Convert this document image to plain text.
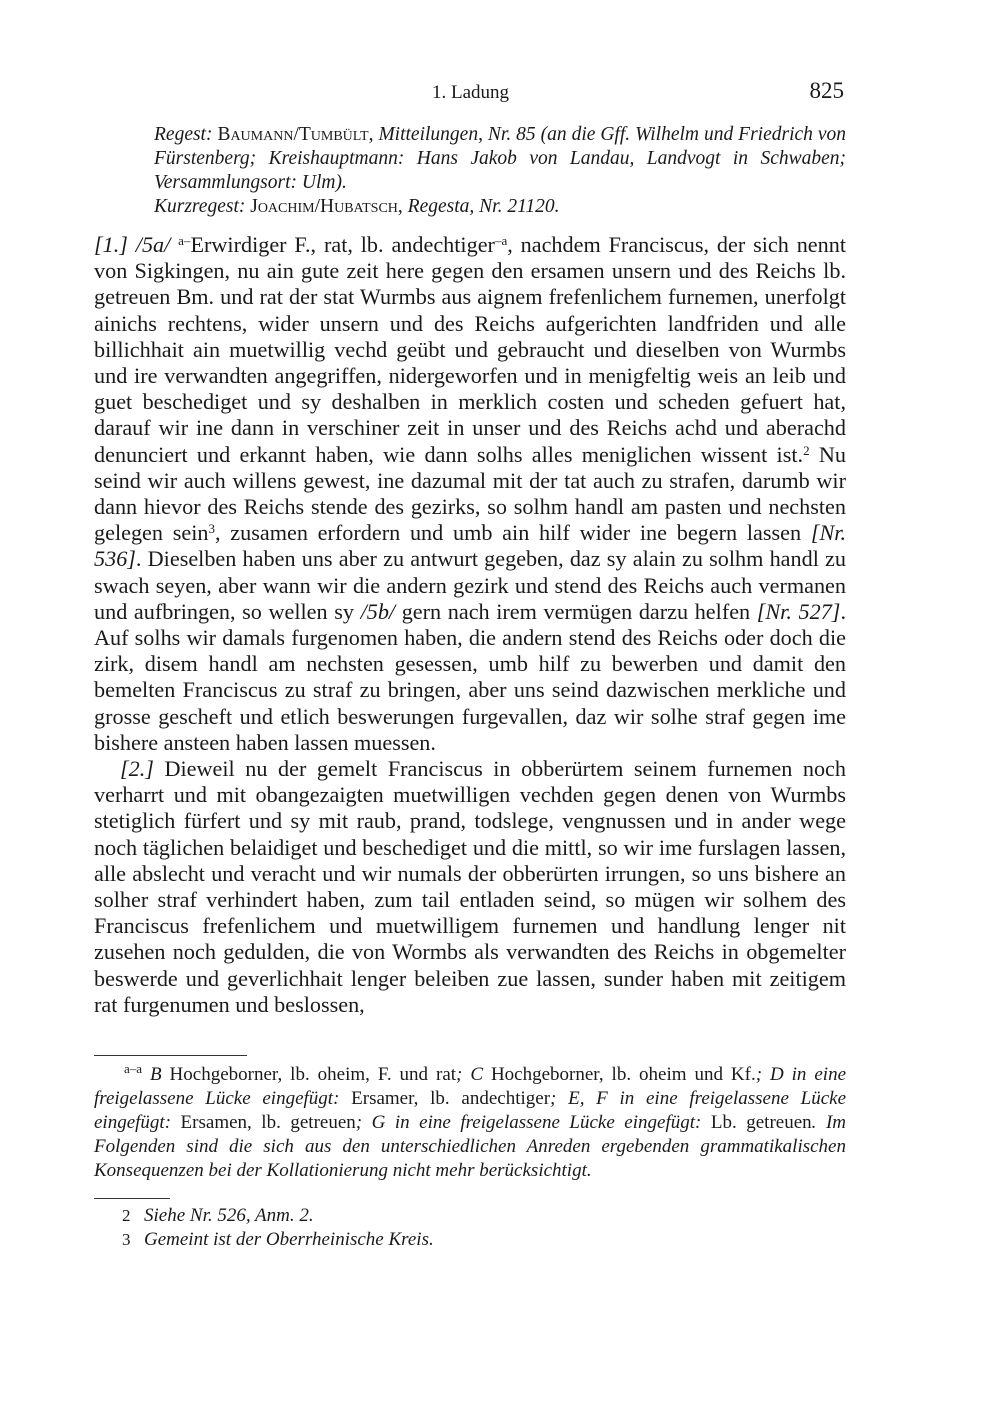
1. Ladung	825

Regest: Baumann/Tumbült, Mitteilungen, Nr. 85 (an die Gff. Wilhelm und Friedrich von Fürstenberg; Kreishauptmann: Hans Jakob von Landau, Landvogt in Schwaben; Versammlungsort: Ulm).

Kurzregest: Joachim/Hubatsch, Regesta, Nr. 21120.

[1.] /5a/ $^{a-}$Erwirdiger F., rat, lb. andechtiger$^{-a}$, nachdem Franciscus, der sich nennt von Sigkingen, nu ain gute zeit here gegen den ersamen unsern und des Reichs lb. getreuen Bm. und rat der stat Wurmbs aus aignem frefenlichem furnemen, unerfolgt ainichs rechtens, wider unsern und des Reichs aufgerichten landfriden und alle billichhait ain muetwillig vechd geübt und gebraucht und dieselben von Wurmbs und ire verwandten angegriffen, nidergeworfen und in menigfeltig weis an leib und guet beschediget und sy deshalben in merklich costen und scheden gefuert hat, darauf wir ine dann in verschiner zeit in unser und des Reichs achd und aberachd denunciert und erkannt haben, wie dann solhs alles meniglichen wissent ist.$^2$ Nu seind wir auch willens gewest, ine dazumal mit der tat auch zu strafen, darumb wir dann hievor des Reichs stende des gezirks, so solhm handl am pasten und nechsten gelegen sein$^3$, zusamen erfordern und umb ain hilf wider ine begern lassen [Nr. 536]. Dieselben haben uns aber zu antwurt gegeben, daz sy alain zu solhm handl zu swach seyen, aber wann wir die andern gezirk und stend des Reichs auch vermanen und aufbringen, so wellen sy /5b/ gern nach irem vermügen darzu helfen [Nr. 527]. Auf solhs wir damals furgenomen haben, die andern stend des Reichs oder doch die zirk, disem handl am nechsten gesessen, umb hilf zu bewerben und damit den bemelten Franciscus zu straf zu bringen, aber uns seind dazwischen merkliche und grosse gescheft und etlich beswerungen furgevallen, daz wir solhe straf gegen ime bishere ansteen haben lassen muessen.

[2.] Dieweil nu der gemelt Franciscus in obberürtem seinem furnemen noch verharrt und mit obangezaigten muetwilligen vechden gegen denen von Wurmbs stetiglich fürfert und sy mit raub, prand, todslege, vengnussen und in ander wege noch täglichen belaidiget und beschediget und die mittl, so wir ime furslagen lassen, alle abslecht und veracht und wir numals der obberürten irrungen, so uns bishere an solher straf verhindert haben, zum tail entladen seind, so mügen wir solhem des Franciscus frefenlichem und muetwilligem furnemen und handlung lenger nit zusehen noch gedulden, die von Wormbs als verwandten des Reichs in obgemelter beswerde und geverlichhait lenger beleiben zue lassen, sunder haben mit zeitigem rat furgenumen und beslossen,

$^{a-a}$ B Hochgeborner, lb. oheim, F. und rat; C Hochgeborner, lb. oheim und Kf.; D in eine freigelassene Lücke eingefügt: Ersamer, lb. andechtiger; E, F in eine freigelassene Lücke eingefügt: Ersamen, lb. getreuen; G in eine freigelassene Lücke eingefügt: Lb. getreuen. Im Folgenden sind die sich aus den unterschiedlichen Anreden ergebenden grammatikalischen Konsequenzen bei der Kollationierung nicht mehr berücksichtigt.

2 Siehe Nr. 526, Anm. 2.

3 Gemeint ist der Oberrheinische Kreis.
